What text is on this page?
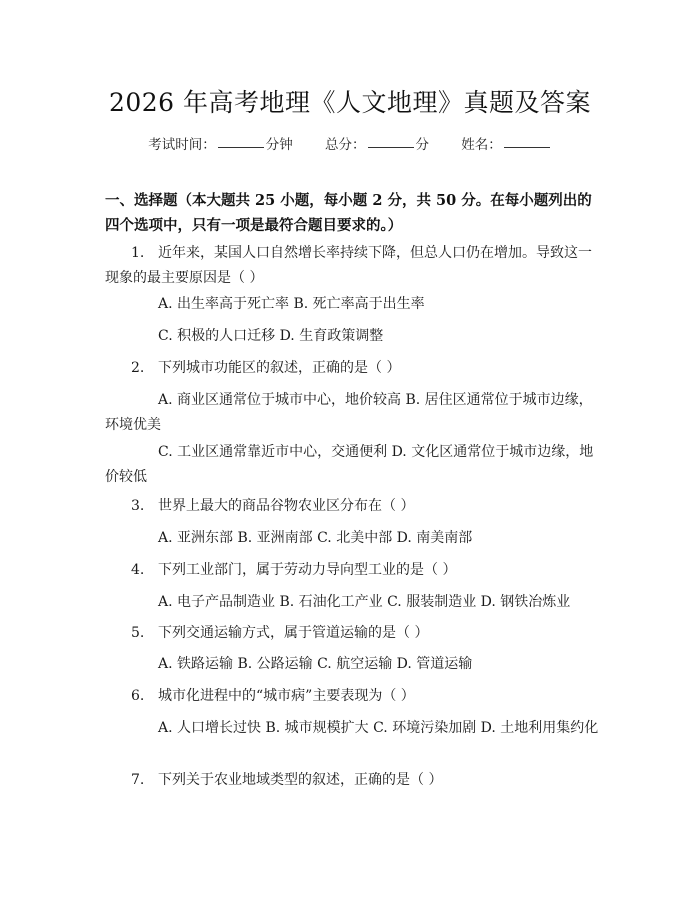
2026 年高考地理《人文地理》真题及答案
考试时间：	分钟 总分：	分 姓名：
一、选择题（本大题共 25 小题，每小题 2 分，共 50 分。在每小题列出的四个选项中，只有一项是最符合题目要求的。）
1. 近年来，某国人口自然增长率持续下降，但总人口仍在增加。导致这一现象的最主要原因是（ ）
A. 出生率高于死亡率 B. 死亡率高于出生率
C. 积极的人口迁移 D. 生育政策调整
2. 下列城市功能区的叙述，正确的是（ ）
A. 商业区通常位于城市中心，地价较高 B. 居住区通常位于城市边缘，环境优美
C. 工业区通常靠近市中心，交通便利 D. 文化区通常位于城市边缘，地价较低
3. 世界上最大的商品谷物农业区分布在（ ）
A. 亚洲东部 B. 亚洲南部 C. 北美中部 D. 南美南部
4. 下列工业部门，属于劳动力导向型工业的是（ ）
A. 电子产品制造业 B. 石油化工产业 C. 服装制造业 D. 钢铁冶炼业
5. 下列交通运输方式，属于管道运输的是（ ）
A. 铁路运输 B. 公路运输 C. 航空运输 D. 管道运输
6. 城市化进程中的“城市病”主要表现为（ ）
A. 人口增长过快 B. 城市规模扩大 C. 环境污染加剧 D. 土地利用集约化
7. 下列关于农业地域类型的叙述，正确的是（ ）
